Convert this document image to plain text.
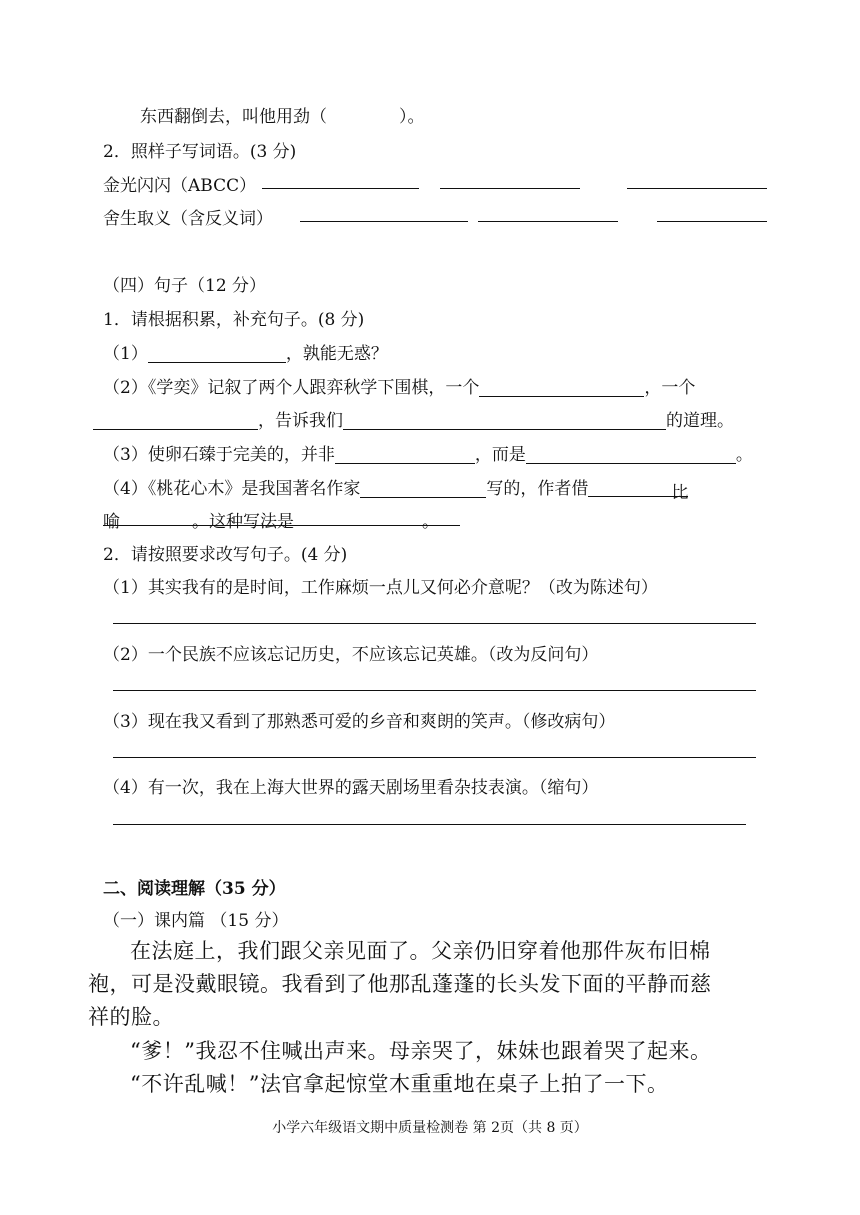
东西翻倒去，叫他用劲（	）。
2．照样子写词语。(3 分)
金光闪闪（ABCC）
舍生取义（含反义词）
（四）句子（12 分）
1．请根据积累，补充句子。(8 分)
（1）	，孰能无惑？
（2）《学奕》记叙了两个人跟弈秋学下围棋，一个	，一个
，告诉我们	的道理。
（3）使卵石臻于完美的，并非	，而是	。
（4）《桃花心木》是我国著名作家	写的，作者借	比
喻	。这种写法是	。
2．请按照要求改写句子。(4 分)
（1）其实我有的是时间，工作麻烦一点儿又何必介意呢？（改为陈述句）
（2）一个民族不应该忘记历史，不应该忘记英雄。（改为反问句）
（3）现在我又看到了那熟悉可爱的乡音和爽朗的笑声。（修改病句）
（4）有一次，我在上海大世界的露天剧场里看杂技表演。（缩句）
二、阅读理解（35 分）
（一）课内篇 （15 分）
在法庭上，我们跟父亲见面了。父亲仍旧穿着他那件灰布旧棉
袍，可是没戴眼镜。我看到了他那乱蓬蓬的长头发下面的平静而慈
祥的脸。
“爹！”我忍不住喊出声来。母亲哭了，妹妹也跟着哭了起来。
“不许乱喊！”法官拿起惊堂木重重地在桌子上拍了一下。
小学六年级语文期中质量检测卷 第 2页（共 8 页）
